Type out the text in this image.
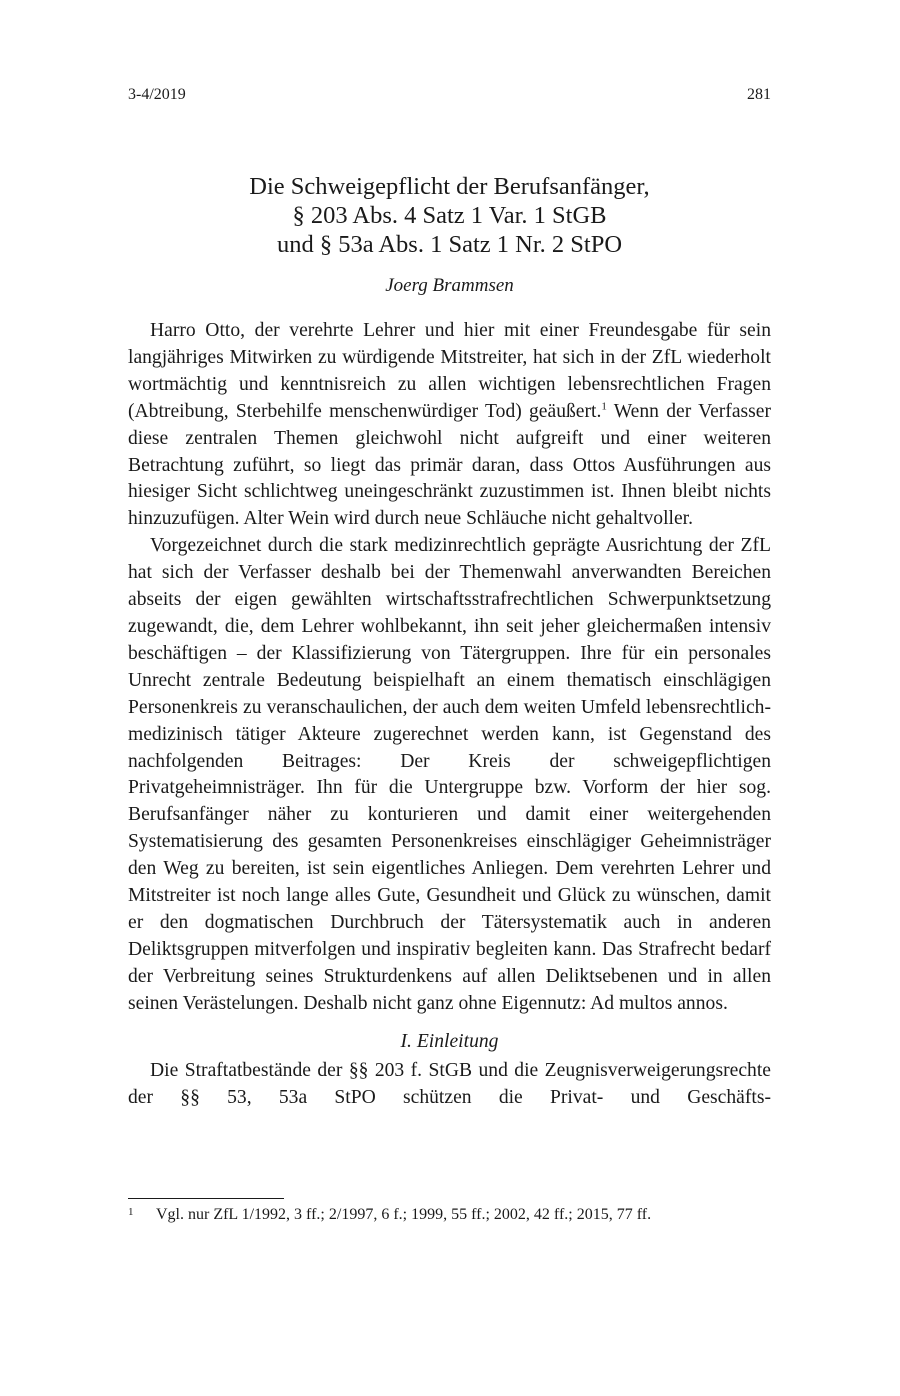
3-4/2019	281
Die Schweigepflicht der Berufsanfänger,
§ 203 Abs. 4 Satz 1 Var. 1 StGB
und § 53a Abs. 1 Satz 1 Nr. 2 StPO
Joerg Brammsen

Harro Otto, der verehrte Lehrer und hier mit einer Freundesgabe für sein langjähriges Mitwirken zu würdigende Mitstreiter, hat sich in der ZfL wiederholt wortmächtig und kenntnisreich zu allen wichtigen lebensrechtlichen Fragen (Abtreibung, Sterbehilfe menschenwürdiger Tod) geäußert.$^1$ Wenn der Verfasser diese zentralen Themen gleichwohl nicht aufgreift und einer weiteren Betrachtung zuführt, so liegt das primär daran, dass Ottos Ausführungen aus hiesiger Sicht schlichtweg uneingeschränkt zuzustimmen ist. Ihnen bleibt nichts hinzuzufügen. Alter Wein wird durch neue Schläuche nicht gehaltvoller.

Vorgezeichnet durch die stark medizinrechtlich geprägte Ausrichtung der ZfL hat sich der Verfasser deshalb bei der Themenwahl anverwandten Bereichen abseits der eigen gewählten wirtschaftsstrafrechtlichen Schwerpunktsetzung zugewandt, die, dem Lehrer wohlbekannt, ihn seit jeher gleichermaßen intensiv beschäftigen – der Klassifizierung von Tätergruppen. Ihre für ein personales Unrecht zentrale Bedeutung beispielhaft an einem thematisch einschlägigen Personenkreis zu veranschaulichen, der auch dem weiten Umfeld lebensrechtlich-medizinisch tätiger Akteure zugerechnet werden kann, ist Gegenstand des nachfolgenden Beitrages: Der Kreis der schweigepflichtigen Privatgeheimnisträger. Ihn für die Untergruppe bzw. Vorform der hier sog. Berufsanfänger näher zu konturieren und damit einer weitergehenden Systematisierung des gesamten Personenkreises einschlägiger Geheimnisträger den Weg zu bereiten, ist sein eigentliches Anliegen. Dem verehrten Lehrer und Mitstreiter ist noch lange alles Gute, Gesundheit und Glück zu wünschen, damit er den dogmatischen Durchbruch der Tätersystematik auch in anderen Deliktsgruppen mitverfolgen und inspirativ begleiten kann. Das Strafrecht bedarf der Verbreitung seines Strukturdenkens auf allen Deliktsebenen und in allen seinen Verästelungen. Deshalb nicht ganz ohne Eigennutz: Ad multos annos.

I. Einleitung

Die Straftatbestände der §§ 203 f. StGB und die Zeugnisverweigerungsrechte der §§ 53, 53a StPO schützen die Privat- und Geschäfts-

1	Vgl. nur ZfL 1/1992, 3 ff.; 2/1997, 6 f.; 1999, 55 ff.; 2002, 42 ff.; 2015, 77 ff.
